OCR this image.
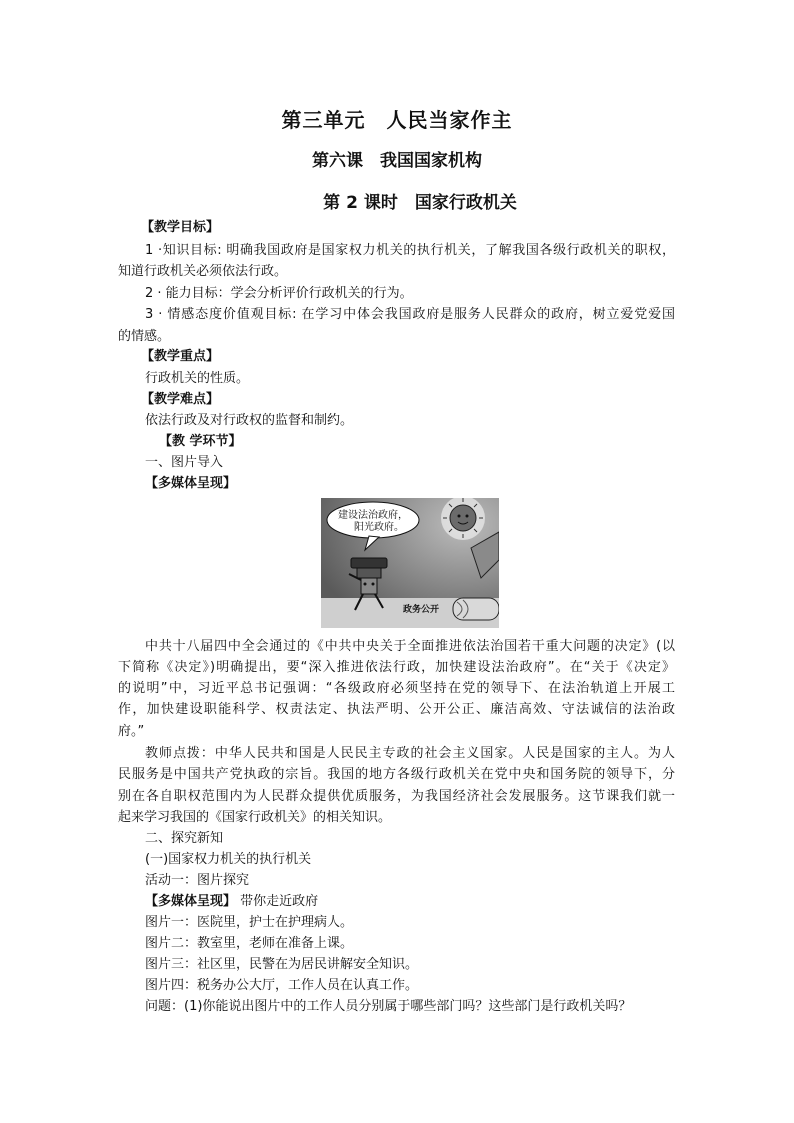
第三单元　人民当家作主
第六课　我国国家机构
第 2 课时　国家行政机关
【教学目标】
1 ·知识目标: 明确我国政府是国家权力机关的执行机关，了解我国各级行政机关的职权，
知道行政机关必须依法行政。
2 · 能力目标：学会分析评价行政机关的行为。
3 · 情感态度价值观目标: 在学习中体会我国政府是服务人民群众的政府，树立爱党爱国
的情感。
【教学重点】
行政机关的性质。
【教学难点】
依法行政及对行政权的监督和制约。
【教 学环节】
一、图片导入
【多媒体呈现】
建设法治政府，
阳光政府。
政务公开
中共十八届四中全会通过的《中共中央关于全面推进依法治国若干重大问题的决定》(以
下简称《决定》)明确提出，要“深入推进依法行政，加快建设法治政府”。在“关于《决定》
的说明”中，习近平总书记强调：“各级政府必须坚持在党的领导下、在法治轨道上开展工
作，加快建设职能科学、权责法定、执法严明、公开公正、廉洁高效、守法诚信的法治政
府。”
教师点拨：中华人民共和国是人民民主专政的社会主义国家。人民是国家的主人。为人
民服务是中国共产党执政的宗旨。我国的地方各级行政机关在党中央和国务院的领导下，分
别在各自职权范围内为人民群众提供优质服务，为我国经济社会发展服务。这节课我们就一
起来学习我国的《国家行政机关》的相关知识。
二、探究新知
(一)国家权力机关的执行机关
活动一：图片探究
【多媒体呈现】 带你走近政府
图片一：医院里，护士在护理病人。
图片二：教室里，老师在准备上课。
图片三：社区里，民警在为居民讲解安全知识。
图片四：税务办公大厅，工作人员在认真工作。
问题：(1)你能说出图片中的工作人员分别属于哪些部门吗？这些部门是行政机关吗？
